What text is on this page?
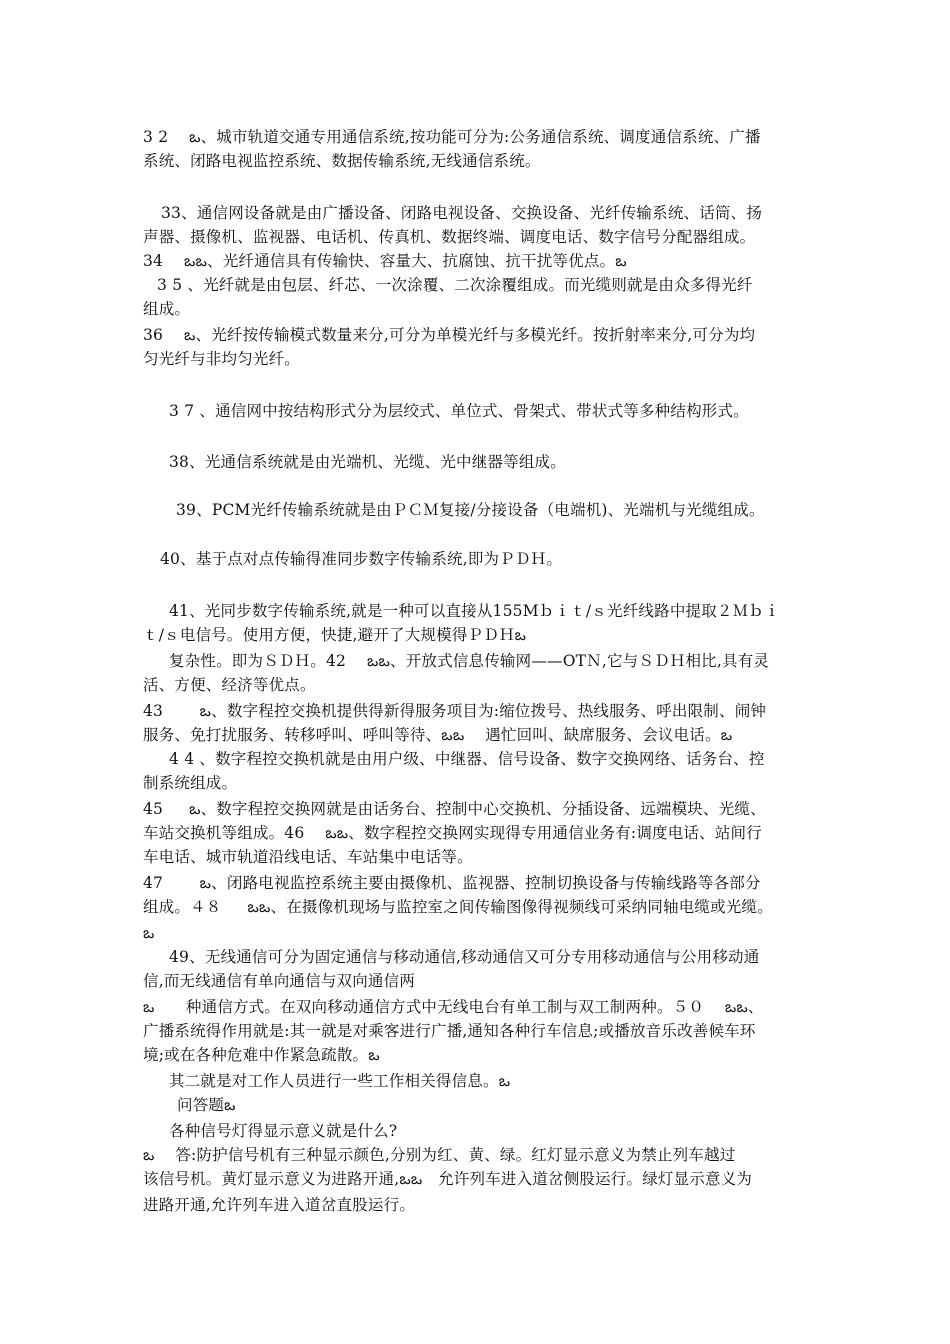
3 2 　ఒ、城市轨道交通专用通信系统,按功能可分为:公务通信系统、调度通信系统、广播
系统、闭路电视监控系统、数据传输系统,无线通信系统。
33、通信网设备就是由广播设备、闭路电视设备、交换设备、光纤传输系统、话筒、扬
声器、摄像机、监视器、电话机、传真机、数据终端、调度电话、数字信号分配器组成。
34 　ఒఒ、光纤通信具有传输快、容量大、抗腐蚀、抗干扰等优点。ఒ
3 5 、光纤就是由包层、纤芯、一次涂覆、二次涂覆组成。而光缆则就是由众多得光纤
组成。
36 　ఒ、光纤按传输模式数量来分,可分为单模光纤与多模光纤。按折射率来分,可分为均
匀光纤与非均匀光纤。
3 7 、通信网中按结构形式分为层绞式、单位式、骨架式、带状式等多种结构形式。
38、光通信系统就是由光端机、光缆、光中继器等组成。
39、PCM光纤传输系统就是由ＰＣＭ复接/分接设备（电端机)、光端机与光缆组成。
40、基于点对点传输得准同步数字传输系统,即为ＰＤＨ。
41、光同步数字传输系统,就是一种可以直接从155Mｂｉｔ/ｓ光纤线路中提取２Ｍｂｉ
ｔ/ｓ电信号。使用方便，快捷,避开了大规模得ＰＤＨఒ
复杂性。即为ＳＤＨ。42 　ఒఒ、开放式信息传输网——OTＮ,它与ＳＤＨ相比,具有灵
活、方便、经济等优点。
43 　　ఒ、数字程控交换机提供得新得服务项目为:缩位拨号、热线服务、呼出限制、闹钟
服务、免打扰服务、转移呼叫、呼叫等待、ఒఒ　 遇忙回叫、缺席服务、会议电话。ఒ
4 4 、数字程控交换机就是由用户级、中继器、信号设备、数字交换网络、话务台、控
制系统组成。
45 　 ఒ、数字程控交换网就是由话务台、控制中心交换机、分插设备、远端模块、光缆、
车站交换机等组成。46 　ఒఒ、数字程控交换网实现得专用通信业务有:调度电话、站间行
车电话、城市轨道沿线电话、车站集中电话等。
47 　　ఒ、闭路电视监控系统主要由摄像机、监视器、控制切换设备与传输线路等各部分
组成。４８ 　 ఒఒ、在摄像机现场与监控室之间传输图像得视频线可采纳同轴电缆或光缆。
ఒ
49、无线通信可分为固定通信与移动通信,移动通信又可分专用移动通信与公用移动通
信,而无线通信有单向通信与双向通信两
ఒ　　种通信方式。在双向移动通信方式中无线电台有单工制与双工制两种。５０ 　ఒఒ、
广播系统得作用就是:其一就是对乘客进行广播,通知各种行车信息;或播放音乐改善候车环
境;或在各种危难中作紧急疏散。ఒ
其二就是对工作人员进行一些工作相关得信息。ఒ
问答题ఒ
各种信号灯得显示意义就是什么?
ఒ　 答:防护信号机有三种显示颜色,分别为红、黄、绿。红灯显示意义为禁止列车越过
该信号机。黄灯显示意义为进路开通,ఒఒ　允许列车进入道岔侧股运行。绿灯显示意义为
进路开通,允许列车进入道岔直股运行。
